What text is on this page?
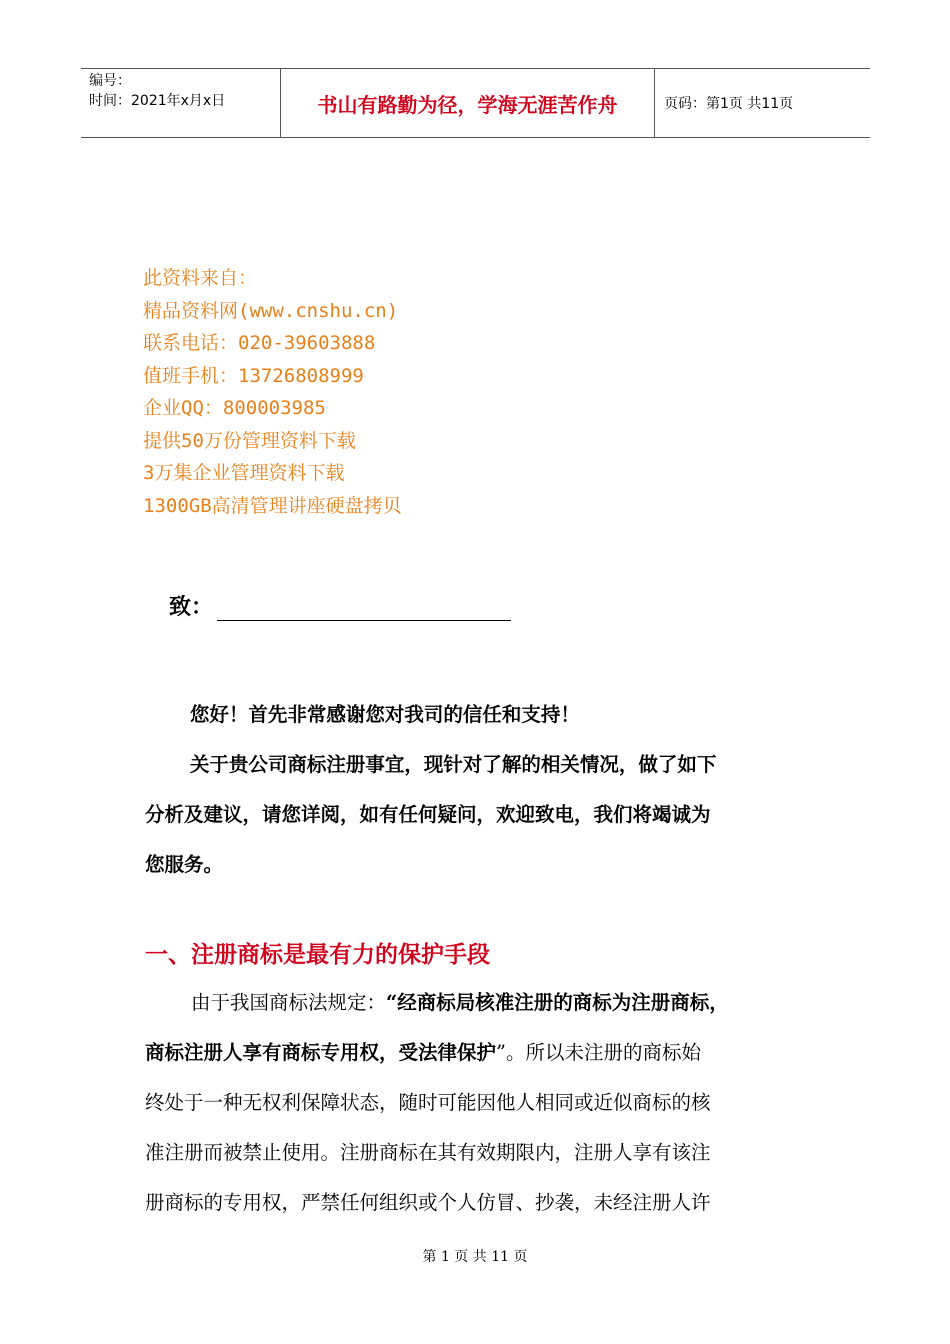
编号：
时间：2021年x月x日	书山有路勤为径，学海无涯苦作舟	页码：第1页 共11页
此资料来自：
精品资料网(www.cnshu.cn)
联系电话：020-39603888
值班手机：13726808999
企业QQ：800003985
提供50万份管理资料下载
3万集企业管理资料下载
1300GB高清管理讲座硬盘拷贝
致：

您好！首先非常感谢您对我司的信任和支持！

关于贵公司商标注册事宜，现针对了解的相关情况，做了如下

分析及建议，请您详阅，如有任何疑问，欢迎致电，我们将竭诚为

您服务。

一、注册商标是最有力的保护手段
由于我国商标法规定：“经商标局核准注册的商标为注册商标，
商标注册人享有商标专用权，受法律保护”。所以未注册的商标始
终处于一种无权利保障状态，随时可能因他人相同或近似商标的核
准注册而被禁止使用。注册商标在其有效期限内，注册人享有该注
册商标的专用权，严禁任何组织或个人仿冒、抄袭，未经注册人许
第 1 页 共 11 页
